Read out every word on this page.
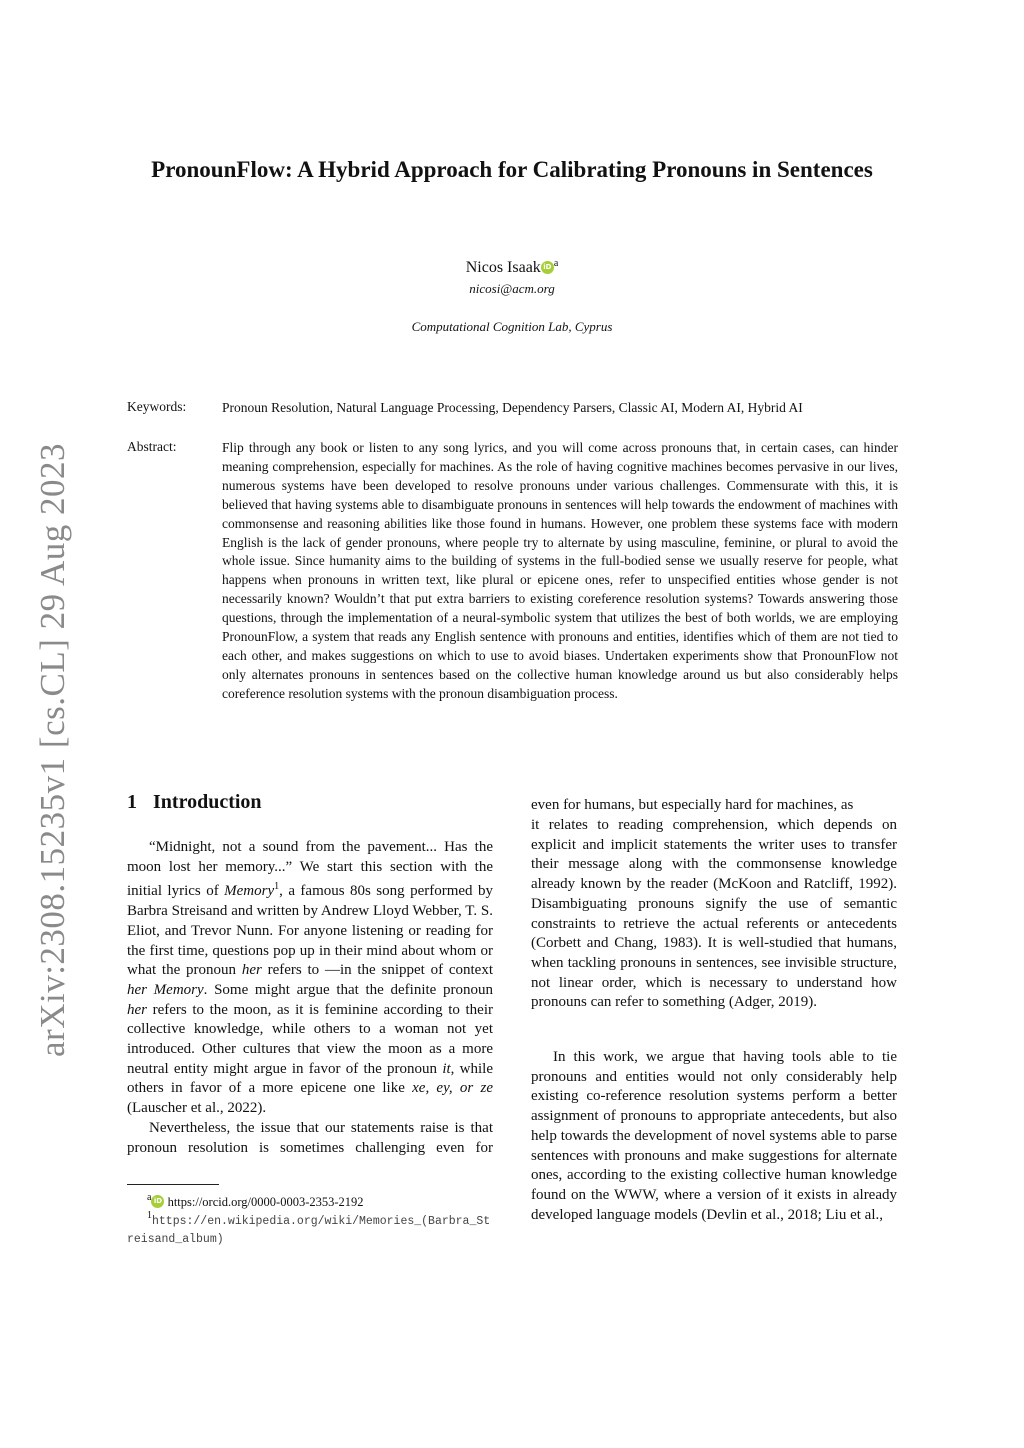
arXiv:2308.15235v1 [cs.CL] 29 Aug 2023
PronounFlow: A Hybrid Approach for Calibrating Pronouns in Sentences
Nicos Isaak iD $^a$
nicosi@acm.org
Computational Cognition Lab, Cyprus
Keywords:	Pronoun Resolution, Natural Language Processing, Dependency Parsers, Classic AI, Modern AI, Hybrid AI
Abstract:	Flip through any book or listen to any song lyrics, and you will come across pronouns that, in certain cases, can hinder meaning comprehension, especially for machines. As the role of having cognitive machines becomes pervasive in our lives, numerous systems have been developed to resolve pronouns under various challenges. Commensurate with this, it is believed that having systems able to disambiguate pronouns in sentences will help towards the endowment of machines with commonsense and reasoning abilities like those found in humans. However, one problem these systems face with modern English is the lack of gender pronouns, where people try to alternate by using masculine, feminine, or plural to avoid the whole issue. Since humanity aims to the building of systems in the full-bodied sense we usually reserve for people, what happens when pronouns in written text, like plural or epicene ones, refer to unspecified entities whose gender is not necessarily known? Wouldn’t that put extra barriers to existing coreference resolution systems? Towards answering those questions, through the implementation of a neural-symbolic system that utilizes the best of both worlds, we are employing PronounFlow, a system that reads any English sentence with pronouns and entities, identifies which of them are not tied to each other, and makes suggestions on which to use to avoid biases. Undertaken experiments show that PronounFlow not only alternates pronouns in sentences based on the collective human knowledge around us but also considerably helps coreference resolution systems with the pronoun disambiguation process.
1 Introduction

“Midnight, not a sound from the pavement... Has the moon lost her memory...” We start this section with the initial lyrics of Memory$^1$, a famous 80s song performed by Barbra Streisand and written by Andrew Lloyd Webber, T. S. Eliot, and Trevor Nunn. For anyone listening or reading for the first time, questions pop up in their mind about whom or what the pronoun her refers to —in the snippet of context her Memory. Some might argue that the definite pronoun her refers to the moon, as it is feminine according to their collective knowledge, while others to a woman not yet introduced. Other cultures that view the moon as a more neutral entity might argue in favor of the pronoun it, while others in favor of a more epicene one like xe, ey, or ze (Lauscher et al., 2022).

Nevertheless, the issue that our statements raise is that pronoun resolution is sometimes challenging even for

$^a$ iD https://orcid.org/0000-0003-2353-2192
$^1$https://en.wikipedia.org/wiki/Memories_(Barbra_Streisand_album)

even for humans, but especially hard for machines, as

it relates to reading comprehension, which depends on explicit and implicit statements the writer uses to transfer their message along with the commonsense knowledge already known by the reader (McKoon and Ratcliff, 1992). Disambiguating pronouns signify the use of semantic constraints to retrieve the actual referents or antecedents (Corbett and Chang, 1983). It is well-studied that humans, when tackling pronouns in sentences, see invisible structure, not linear order, which is necessary to understand how pronouns can refer to something (Adger, 2019).

In this work, we argue that having tools able to tie pronouns and entities would not only considerably help existing co-reference resolution systems perform a better assignment of pronouns to appropriate antecedents, but also help towards the development of novel systems able to parse sentences with pronouns and make suggestions for alternate ones, according to the existing collective human knowledge found on the WWW, where a version of it exists in already developed language models (Devlin et al., 2018; Liu et al.,
